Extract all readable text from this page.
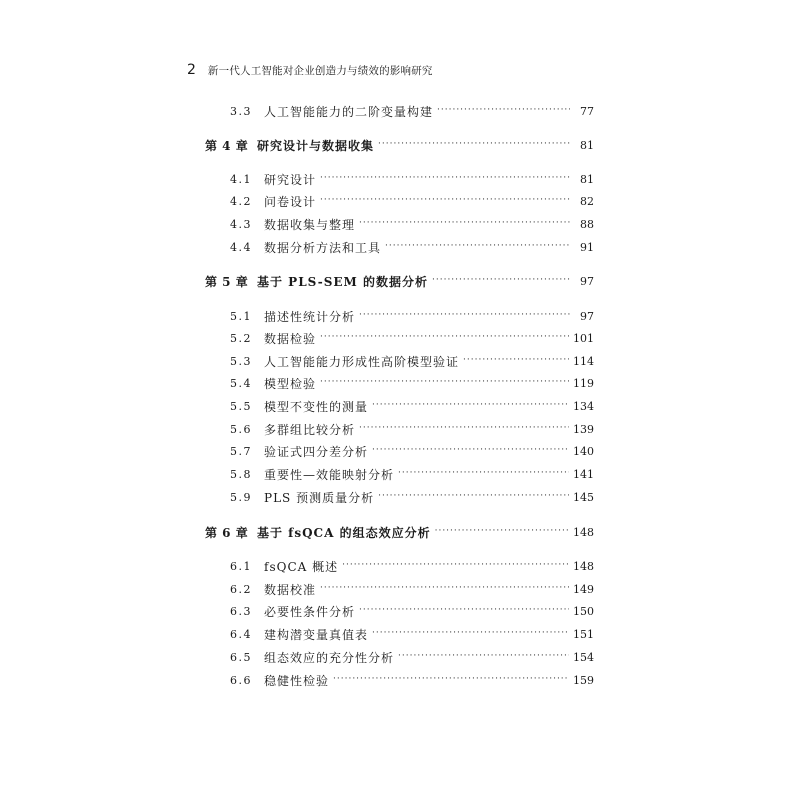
2 新一代人工智能对企业创造力与绩效的影响研究
3.3	人工智能能力的二阶变量构建 ·····	77
第 4 章 研究设计与数据收集 ·····	81
4.1	研究设计 ·····	81
4.2	问卷设计 ·····	82
4.3	数据收集与整理 ·····	88
4.4	数据分析方法和工具 ·····	91
第 5 章 基于 PLS-SEM 的数据分析 ·····	97
5.1	描述性统计分析 ·····	97
5.2	数据检验 ·····	101
5.3	人工智能能力形成性高阶模型验证 ·····	114
5.4	模型检验 ·····	119
5.5	模型不变性的测量 ·····	134
5.6	多群组比较分析 ·····	139
5.7	验证式四分差分析 ·····	140
5.8	重要性—效能映射分析 ·····	141
5.9	PLS 预测质量分析 ·····	145
第 6 章 基于 fsQCA 的组态效应分析 ·····	148
6.1	fsQCA 概述 ·····	148
6.2	数据校准 ·····	149
6.3	必要性条件分析 ·····	150
6.4	建构潜变量真值表 ·····	151
6.5	组态效应的充分性分析 ·····	154
6.6	稳健性检验 ·····	159
